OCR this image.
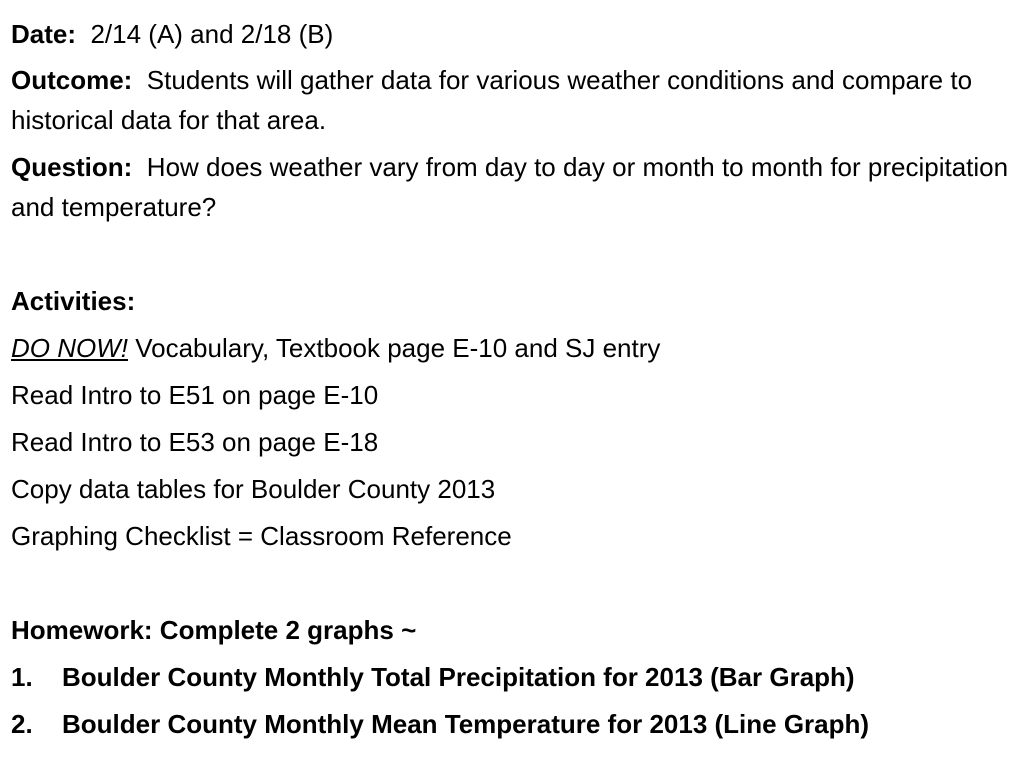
Date: 2/14 (A) and 2/18 (B)
Outcome: Students will gather data for various weather conditions and compare to historical data for that area.
Question: How does weather vary from day to day or month to month for precipitation and temperature?
Activities:
DO NOW! Vocabulary, Textbook page E-10 and SJ entry
Read Intro to E51 on page E-10
Read Intro to E53 on page E-18
Copy data tables for Boulder County 2013
Graphing Checklist = Classroom Reference
Homework: Complete 2 graphs ~
1. Boulder County Monthly Total Precipitation for 2013 (Bar Graph)
2. Boulder County Monthly Mean Temperature for 2013 (Line Graph)
